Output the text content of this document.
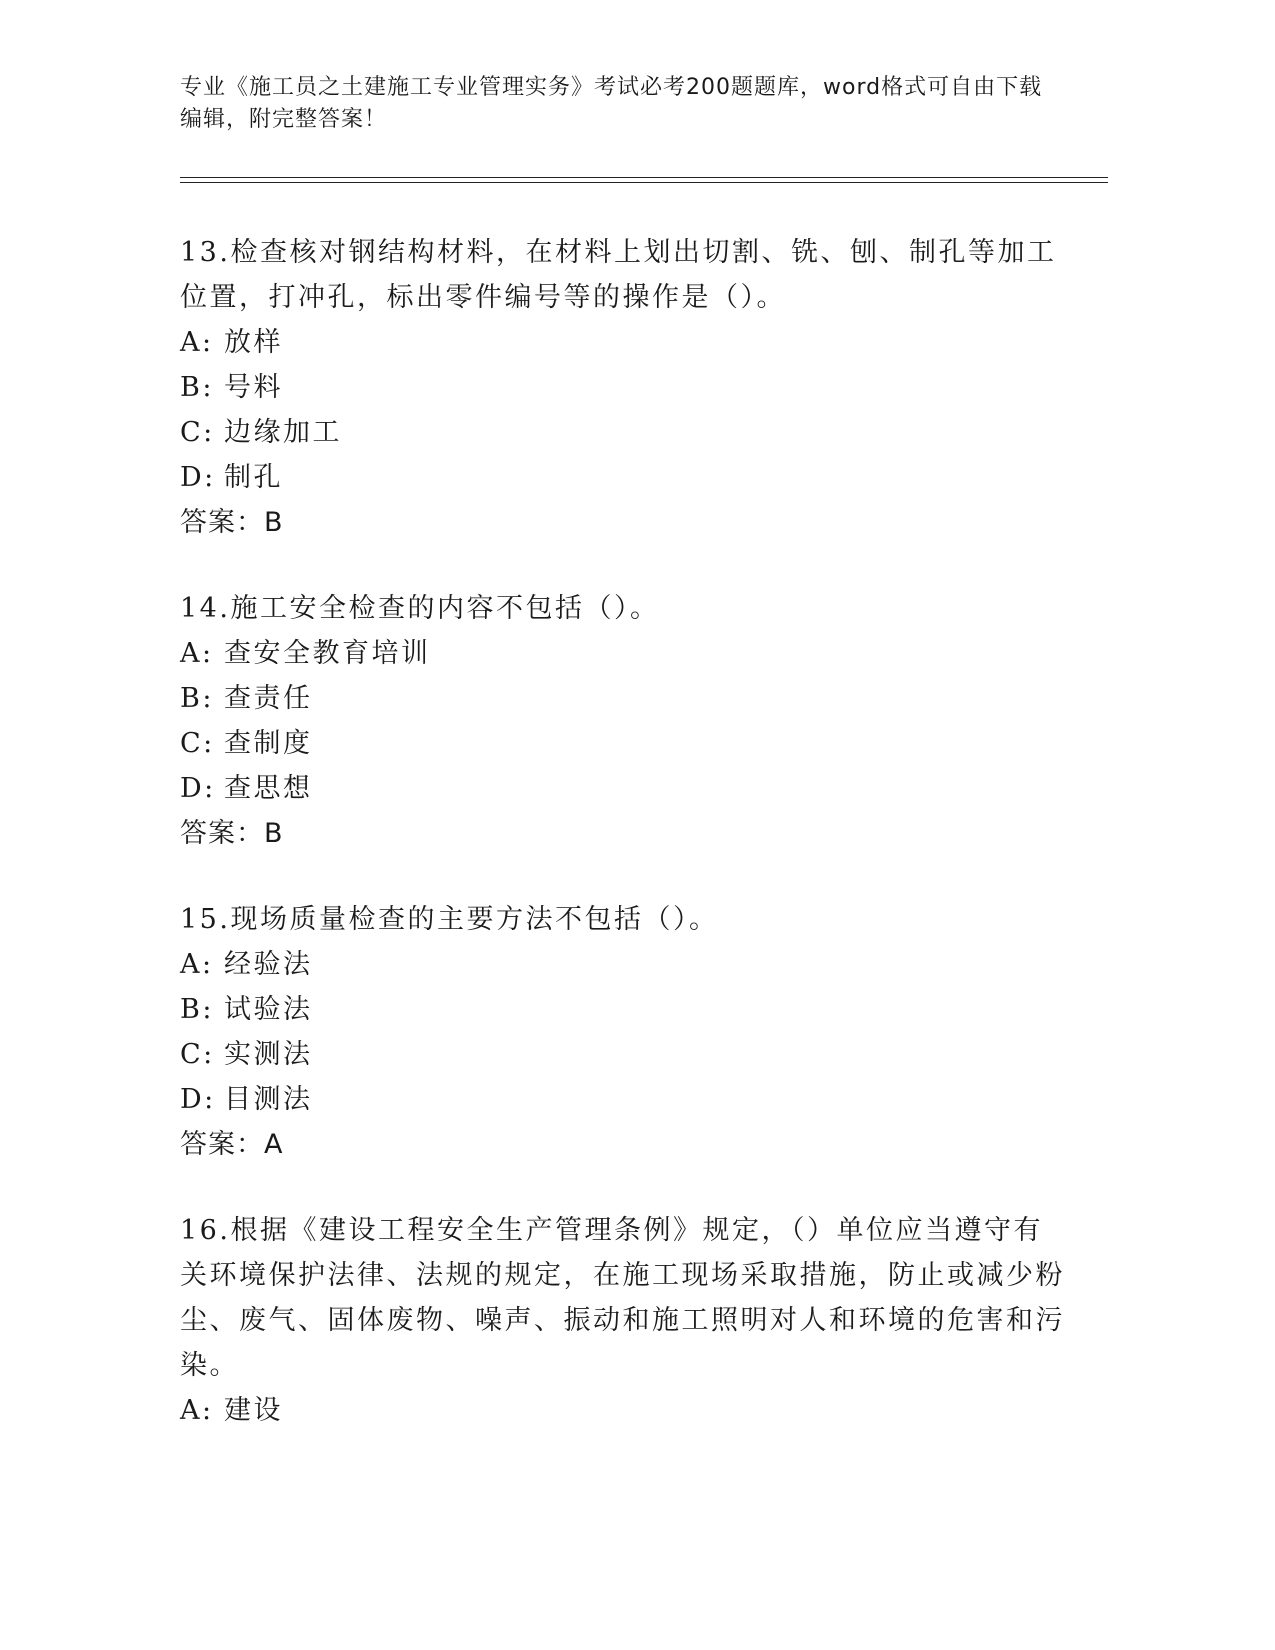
专业《施工员之土建施工专业管理实务》考试必考200题题库，word格式可自由下载编辑，附完整答案！

13.检查核对钢结构材料，在材料上划出切割、铣、刨、制孔等加工位置，打冲孔，标出零件编号等的操作是（）。

A: 放样
B: 号料
C: 边缘加工
D: 制孔
答案：B

14.施工安全检查的内容不包括（）。

A: 查安全教育培训
B: 查责任
C: 查制度
D: 查思想
答案：B

15.现场质量检查的主要方法不包括（）。

A: 经验法
B: 试验法
C: 实测法
D: 目测法
答案：A

16.根据《建设工程安全生产管理条例》规定，（）单位应当遵守有关环境保护法律、法规的规定，在施工现场采取措施，防止或减少粉尘、废气、固体废物、噪声、振动和施工照明对人和环境的危害和污染。

A: 建设
